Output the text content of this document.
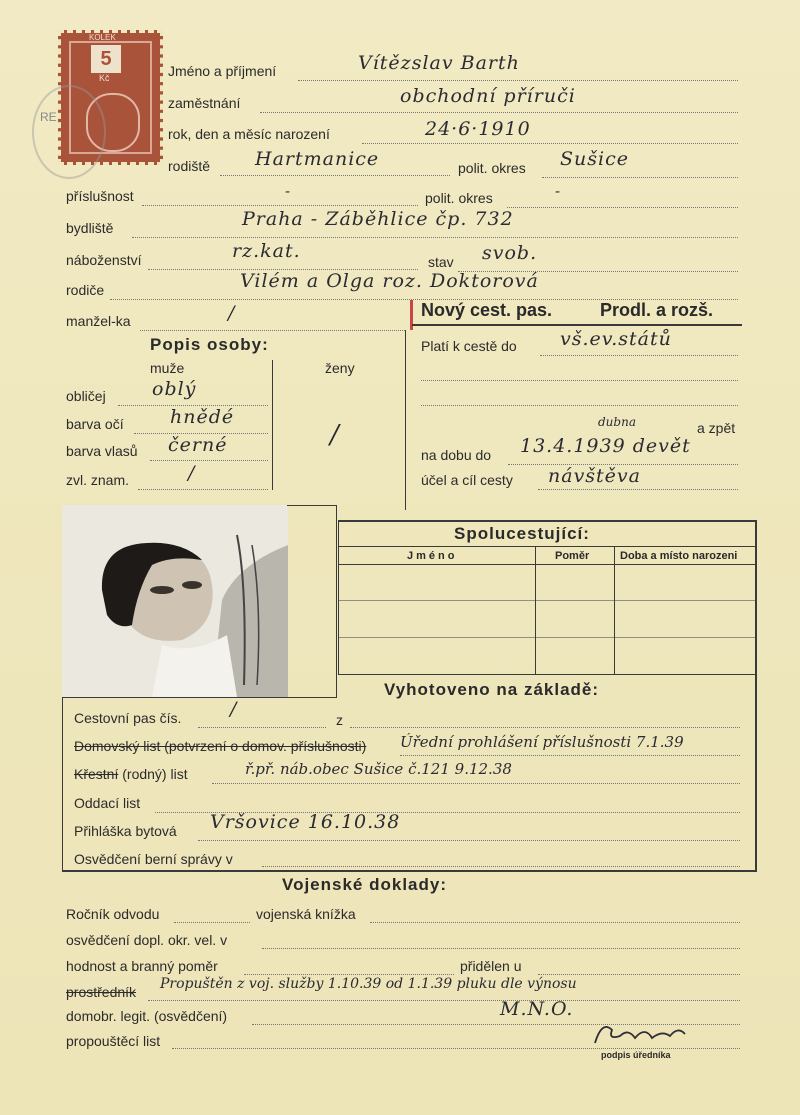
KOLEK
5
Kč
RE
Jméno a příjmení	Vítězslav Barth
zaměstnání	obchodní příruči
rok, den a měsíc narození	24·6·1910
rodiště Hartmanice	polit. okres Sušice
příslušnost	-	polit. okres	-
bydliště	Praha - Záběhlice čp. 732
náboženství	rz.kat.	stav svob.
rodiče	Vilém a Olga roz. Doktorová
manžel-ka	/	Nový cest. pas.	Prodl. a rozš.
Platí k cestě do vš.ev.států
dubna	a zpět
na dobu do 13.4.1939 devět
účel a cíl cesty návštěva
Popis osoby:
muže	ženy
obličej oblý
barva očí hnědé
barva vlasů černé
zvl. znam.	/
/
Spolucestující:
Jméno	Poměr	Doba a místo narozeni
Vyhotoveno na základě:
Cestovní pas čís.	/	z
Domovský list (potvrzení o domov. příslušnosti) Úřední prohlášení příslušnosti 7.1.39
Křestní (rodný) list	ř.př. náb.obec Sušice č.121 9.12.38
Oddací list
Přihláška bytová Vršovice 16.10.38
Osvědčení berní správy v
Vojenské doklady:
Ročník odvodu	vojenská knížka
osvědčení dopl. okr. vel. v
hodnost a branný poměr	přidělen u
prostředník Propuštěn z voj. služby 1.10.39 od 1.1.39 pluku dle výnosu
domobr. legit. (osvědčení)	M.N.O.
propouštěcí list
podpis úředníka
